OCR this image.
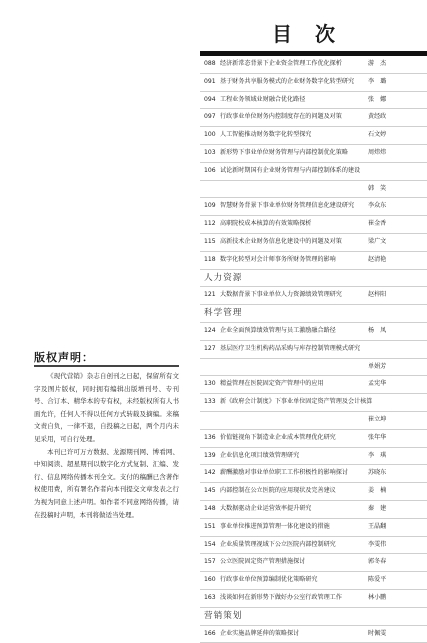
目 次
088 经济新常态背景下企业资金管理工作优化探析	游　杰
091 基于财务共享服务模式的企业财务数字化转型研究	李　璐
094 工程业务领域业财融合优化路径	张　娜
097 行政事业单位财务内控制度存在的问题及对策	黄经政
100 人工智能推动财务数字化转型探究	石文婷
103 新形势下事业单位财务管理与内部控制优化策略	周炜炜
106 试论新时期国有企业财务管理与内部控制体系的建设
韩　笑
109 智慧财务背景下事业单位财务管理信息化建设研究	李众东
112 高职院校成本核算的有效策略探析	崔金香
115 高新技术企业财务信息化建设中的问题及对策	梁广文
118 数字化转型对会计师事务所财务管理的影响	赵清艳
人力资源
121 大数据背景下事业单位人力资源绩效管理研究	赵梓阳
科学管理
124 企业全面预算绩效管理与员工激励融合路径	杨　凤
127 基层医疗卫生机构药品采购与库存控制管理模式研究
单娟芳
130 精益管理在医院固定资产管理中的应用	孟宪华
133 新《政府会计制度》下事业单位固定资产管理及会计核算
崔立坤
136 价值链视角下制造业企业成本管理优化研究	张年华
139 企业信息化项目绩效管理研究	李　琪
142 薪酬激励对事业单位职工工作积极性的影响探讨	苏晓东
145 内部控制在公立医院的应用现状及完善建议	姜　楠
148 大数据驱动企业运营效率提升研究	秦　建
151 事业单位推进预算管理一体化建设的措施	王晶翻
154 企业质量管理视域下公立医院内部控制研究	李雯伟
157 公立医院固定资产管理措施探讨	郭冬春
160 行政事业单位预算编制优化策略研究	陈爱平
163 浅谈如何在新形势下做好办公室行政管理工作	林小鹏
营销策划
166 企业实施品牌延伸的策略探讨	时佩雯
版权声明：

《现代营销》杂志自创刊之日起，保留所有文字及图片版权，同时拥有编辑出版增刊号、专刊号、合订本、精华本的专有权，未经版权所有人书面允许，任何人不得以任何方式转载及摘编。来稿文责自负，一律不退，自投稿之日起，两个月内未见采用，可自行处理。

本刊已许可万方数据、龙源期刊网、博看网、中知阅读、超星期刊以数字化方式复制、汇编、发行、信息网络传播本刊全文。支付的稿酬已含著作权使用费，所有署名作者向本刊提交文章发表之行为视为同意上述声明。如作者不同意网络传播，请在投稿时声明，本刊将做适当处理。
